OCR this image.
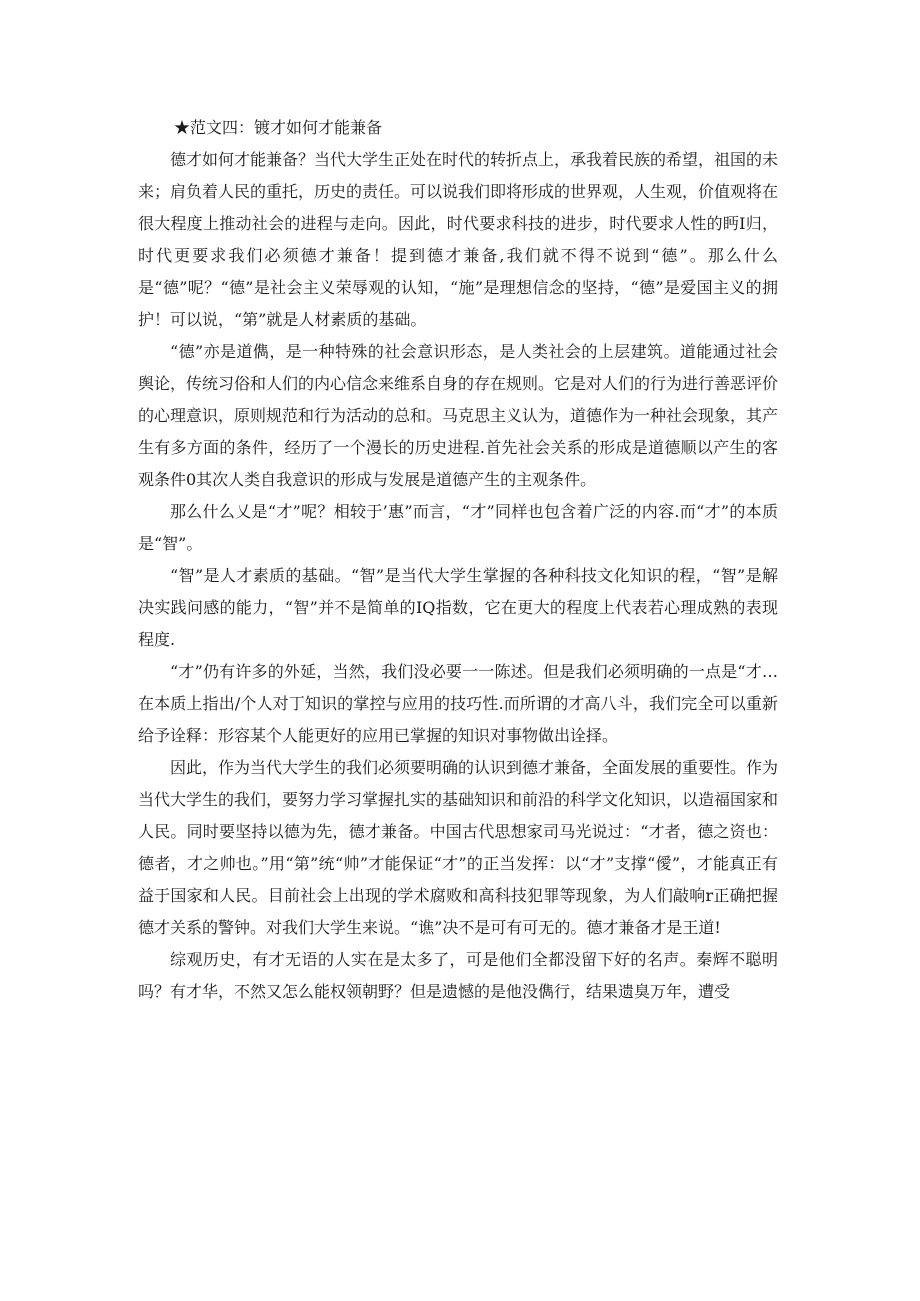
★范文四：镀才如何才能兼备

德才如何才能兼备？当代大学生正处在时代的转折点上，承我着民族的希望，祖国的未来；肩负着人民的重托，历史的责任。可以说我们即将形成的世界观，人生观，价值观将在很大程度上推动社会的进程与走向。因此，时代要求科技的进步，时代要求人性的眄I归，时代更要求我们必须德才兼备！提到德才兼备,我们就不得不说到“德”。那么什么是“德”呢？“德”是社会主义荣辱观的认知，“施”是理想信念的坚持，“德”是爱国主义的拥护！可以说，“第”就是人材素质的基础。

“德”亦是道儁，是一种特殊的社会意识形态，是人类社会的上层建筑。道能通过社会舆论，传统习俗和人们的内心信念来维系自身的存在规则。它是对人们的行为进行善恶评价的心理意识，原则规范和行为活动的总和。马克思主义认为，道德作为一种社会现象，其产生有多方面的条件，经历了一个漫长的历史进程.首先社会关系的形成是道德顺以产生的客观条件0其次人类自我意识的形成与发展是道德产生的主观条件。

那么什么乂是“才”呢？相较于’惠”而言，“才”同样也包含着广泛的内容.而“才”的本质是“智”。

“智”是人才素质的基础。“智”是当代大学生掌握的各种科技文化知识的程，“智”是解决实践问感的能力，“智”并不是简单的IQ指数，它在更大的程度上代表若心理成熟的表现程度.

“才”仍有许多的外延，当然，我们没必要一一陈述。但是我们必须明确的一点是“才…在本质上指出/个人对丁知识的掌控与应用的技巧性.而所谓的才高八斗，我们完全可以重新给予诠释：形容某个人能更好的应用已掌握的知识对事物做出诠择。

因此，作为当代大学生的我们必须要明确的认识到德才兼备，全面发展的重要性。作为当代大学生的我们，要努力学习掌握扎实的基础知识和前沿的科学文化知识，以造福国家和人民。同时要坚持以德为先，德才兼备。中国古代思想家司马光说过：“才者，德之资也：德者，才之帅也。”用“第”统“帅”才能保证“才”的正当发挥：以“才”支撑“僾”，才能真正有益于国家和人民。目前社会上出现的学术腐败和高科技犯罪等现象，为人们敲响r正确把握德才关系的警钟。对我们大学生来说。“谯”决不是可有可无的。德才兼备才是王道!

综观历史，有才无语的人实在是太多了，可是他们全都没留下好的名声。秦辉不聪明吗？有才华，不然又怎么能权领朝野？但是遗憾的是他没儁行，结果遗臭万年，遭受
